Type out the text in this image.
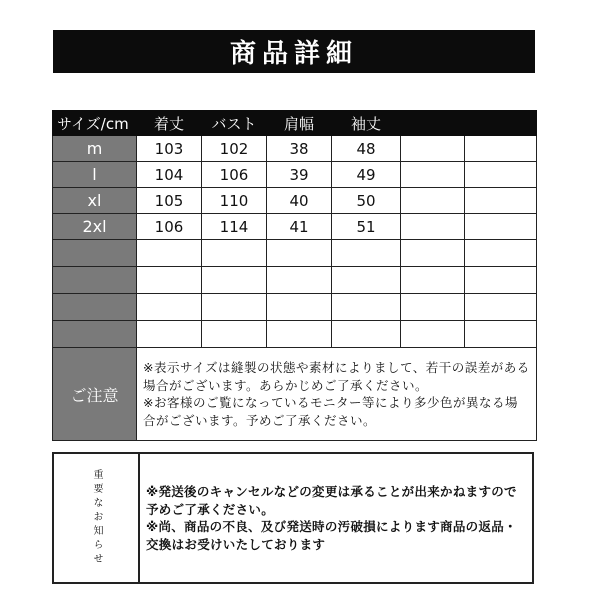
商品詳細
サイズ/cm	着丈	バスト	肩幅	袖丈		
m	103	102	38	48		
l	104	106	39	49		
xl	105	110	40	50		
2xl	106	114	41	51		

ご注意	※表示サイズは縫製の状態や素材によりまして、若干の誤差がある場合がございます。あらかじめご了承ください。
※お客様のご覧になっているモニター等により多少色が異なる場合がございます。予めご了承ください。					
重要なお知らせ	※発送後のキャンセルなどの変更は承ることが出来かねますので予めご了承ください。
※尚、商品の不良、及び発送時の汚破損によります商品の返品・交換はお受けいたしております
